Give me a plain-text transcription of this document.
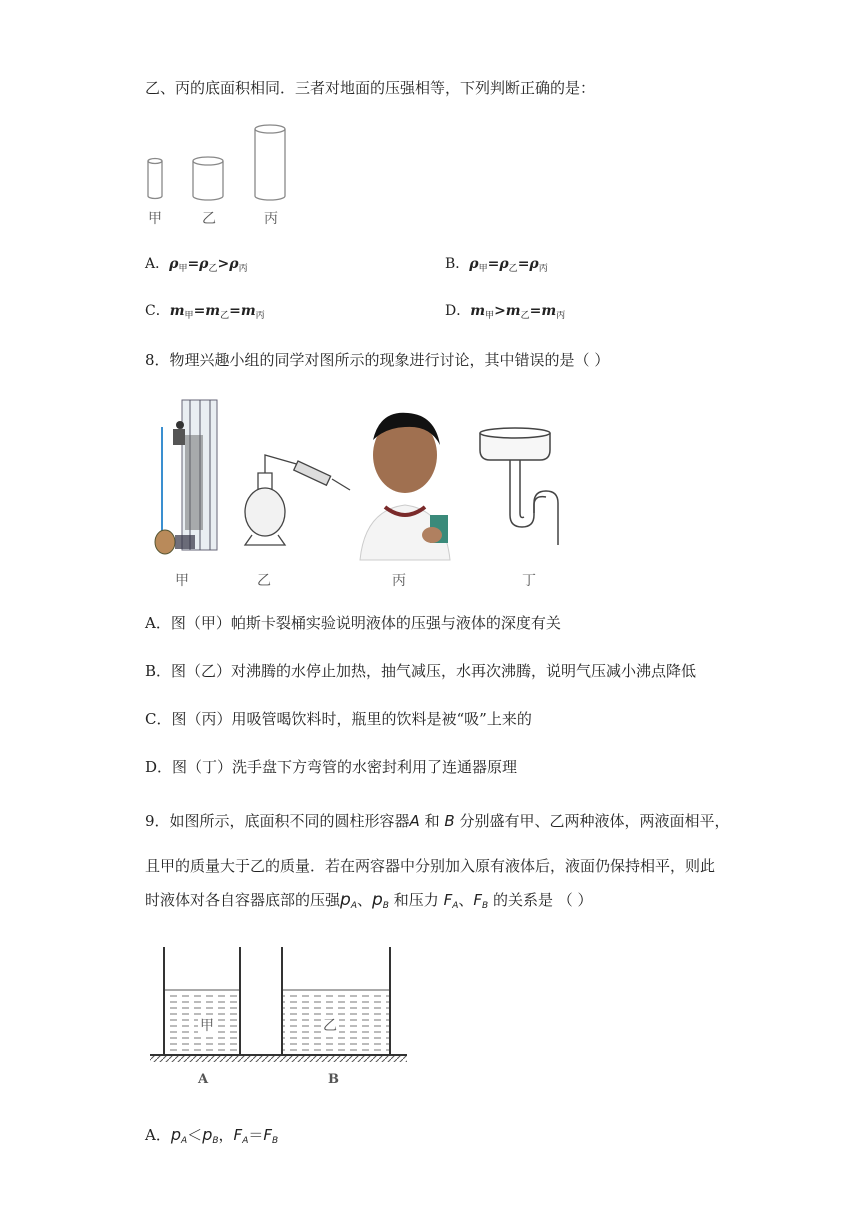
乙、丙的底面积相同．三者对地面的压强相等，下列判断正确的是：
甲	乙	丙
A．$\rho_甲=\rho_乙>\rho_丙$	B．$\rho_甲=\rho_乙=\rho_丙$
C．$m_甲=m_乙=m_丙$	D．$m_甲>m_乙=m_丙$
8．物理兴趣小组的同学对图所示的现象进行讨论，其中错误的是（ ）
甲	乙	丙	丁
A．图（甲）帕斯卡裂桶实验说明液体的压强与液体的深度有关
B．图（乙）对沸腾的水停止加热，抽气减压，水再次沸腾，说明气压减小沸点降低
C．图（丙）用吸管喝饮料时，瓶里的饮料是被“吸”上来的
D．图（丁）洗手盘下方弯管的水密封利用了连通器原理
9．如图所示，底面积不同的圆柱形容器A 和 B 分别盛有甲、乙两种液体，两液面相平，
且甲的质量大于乙的质量．若在两容器中分别加入原有液体后，液面仍保持相平，则此
时液体对各自容器底部的压强$p_A$、$p_B$ 和压力 $F_A$、$F_B$ 的关系是 （ ）
甲	乙
A	B
A．$p_A<p_B$，$F_A=F_B$
